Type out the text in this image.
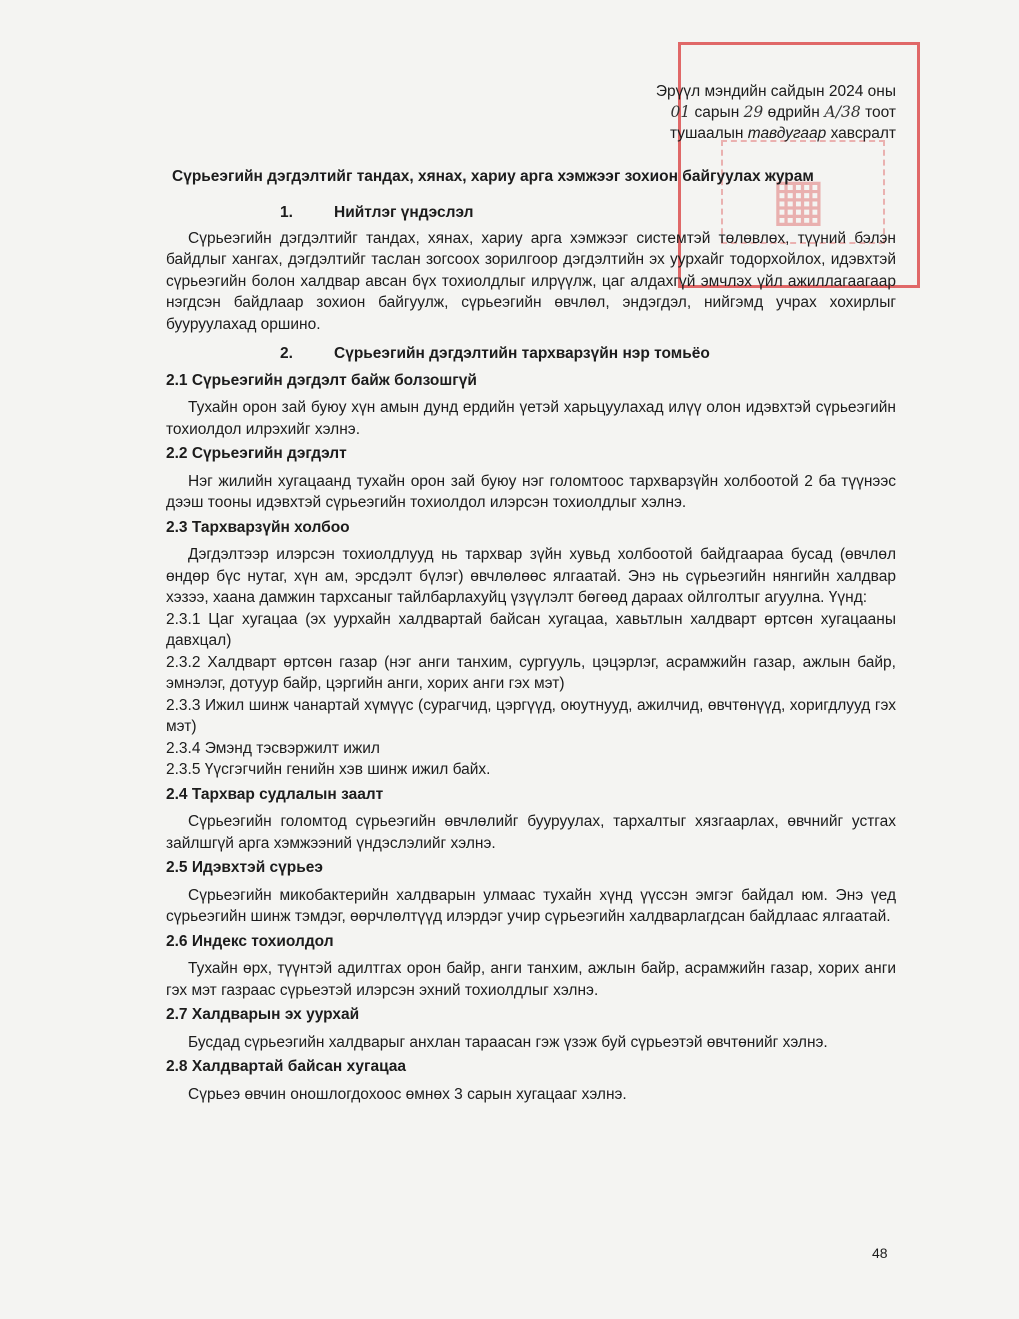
▦
Эрүүл мэндийн сайдын 2024 оны
01 сарын 29 өдрийн А/38 тоот
тушаалын тавдугаар хавсралт
Сүрьеэгийн дэгдэлтийг тандах, хянах, хариу арга хэмжээг зохион байгуулах журам
1.	Нийтлэг үндэслэл

Сүрьеэгийн дэгдэлтийг тандах, хянах, хариу арга хэмжээг системтэй төлөвлөх, түүний бэлэн байдлыг хангах, дэгдэлтийг таслан зогсоох зорилгоор дэгдэлтийн эх уурхайг тодорхойлох, идэвхтэй сүрьеэгийн болон халдвар авсан бүх тохиолдлыг илрүүлж, цаг алдахгүй эмчлэх үйл ажиллагаагаар нэгдсэн байдлаар зохион байгуулж, сүрьеэгийн өвчлөл, эндэгдэл, нийгэмд учрах хохирлыг бууруулахад оршино.

2.	Сүрьеэгийн дэгдэлтийн тархварзүйн нэр томьёо
2.1 Сүрьеэгийн дэгдэлт байж болзошгүй

Тухайн орон зай буюу хүн амын дунд ердийн үетэй харьцуулахад илүү олон идэвхтэй сүрьеэгийн тохиолдол илрэхийг хэлнэ.

2.2 Сүрьеэгийн дэгдэлт

Нэг жилийн хугацаанд тухайн орон зай буюу нэг голомтоос тархварзүйн холбоотой 2 ба түүнээс дээш тооны идэвхтэй сүрьеэгийн тохиолдол илэрсэн тохиолдлыг хэлнэ.

2.3 Тархварзүйн холбоо

Дэгдэлтээр илэрсэн тохиолдлууд нь тархвар зүйн хувьд холбоотой байдгаараа бусад (өвчлөл өндөр бүс нутаг, хүн ам, эрсдэлт бүлэг) өвчлөлөөс ялгаатай. Энэ нь сүрьеэгийн нянгийн халдвар хэзээ, хаана дамжин тархсаныг тайлбарлахуйц үзүүлэлт бөгөөд дараах ойлголтыг агуулна. Үүнд:

2.3.1 Цаг хугацаа (эх уурхайн халдвартай байсан хугацаа, хавьтлын халдварт өртсөн хугацааны давхцал)

2.3.2 Халдварт өртсөн газар (нэг анги танхим, сургууль, цэцэрлэг, асрамжийн газар, ажлын байр, эмнэлэг, дотуур байр, цэргийн анги, хорих анги гэх мэт)

2.3.3 Ижил шинж чанартай хүмүүс (сурагчид, цэргүүд, оюутнууд, ажилчид, өвчтөнүүд, хоригдлууд гэх мэт)

2.3.4 Эмэнд тэсвэржилт ижил

2.3.5 Үүсгэгчийн генийн хэв шинж ижил байх.

2.4 Тархвар судлалын заалт

Сүрьеэгийн голомтод сүрьеэгийн өвчлөлийг бууруулах, тархалтыг хязгаарлах, өвчнийг устгах зайлшгүй арга хэмжээний үндэслэлийг хэлнэ.

2.5 Идэвхтэй сүрьеэ

Сүрьеэгийн микобактерийн халдварын улмаас тухайн хүнд үүссэн эмгэг байдал юм. Энэ үед сүрьеэгийн шинж тэмдэг, өөрчлөлтүүд илэрдэг учир сүрьеэгийн халдварлагдсан байдлаас ялгаатай.

2.6 Индекс тохиолдол

Тухайн өрх, түүнтэй адилтгах орон байр, анги танхим, ажлын байр, асрамжийн газар, хорих анги гэх мэт газраас сүрьеэтэй илэрсэн эхний тохиолдлыг хэлнэ.

2.7 Халдварын эх уурхай

Бусдад сүрьеэгийн халдварыг анхлан тараасан гэж үзэж буй сүрьеэтэй өвчтөнийг хэлнэ.

2.8 Халдвартай байсан хугацаа

Сүрьеэ өвчин оношлогдохоос өмнөх 3 сарын хугацааг хэлнэ.

48
